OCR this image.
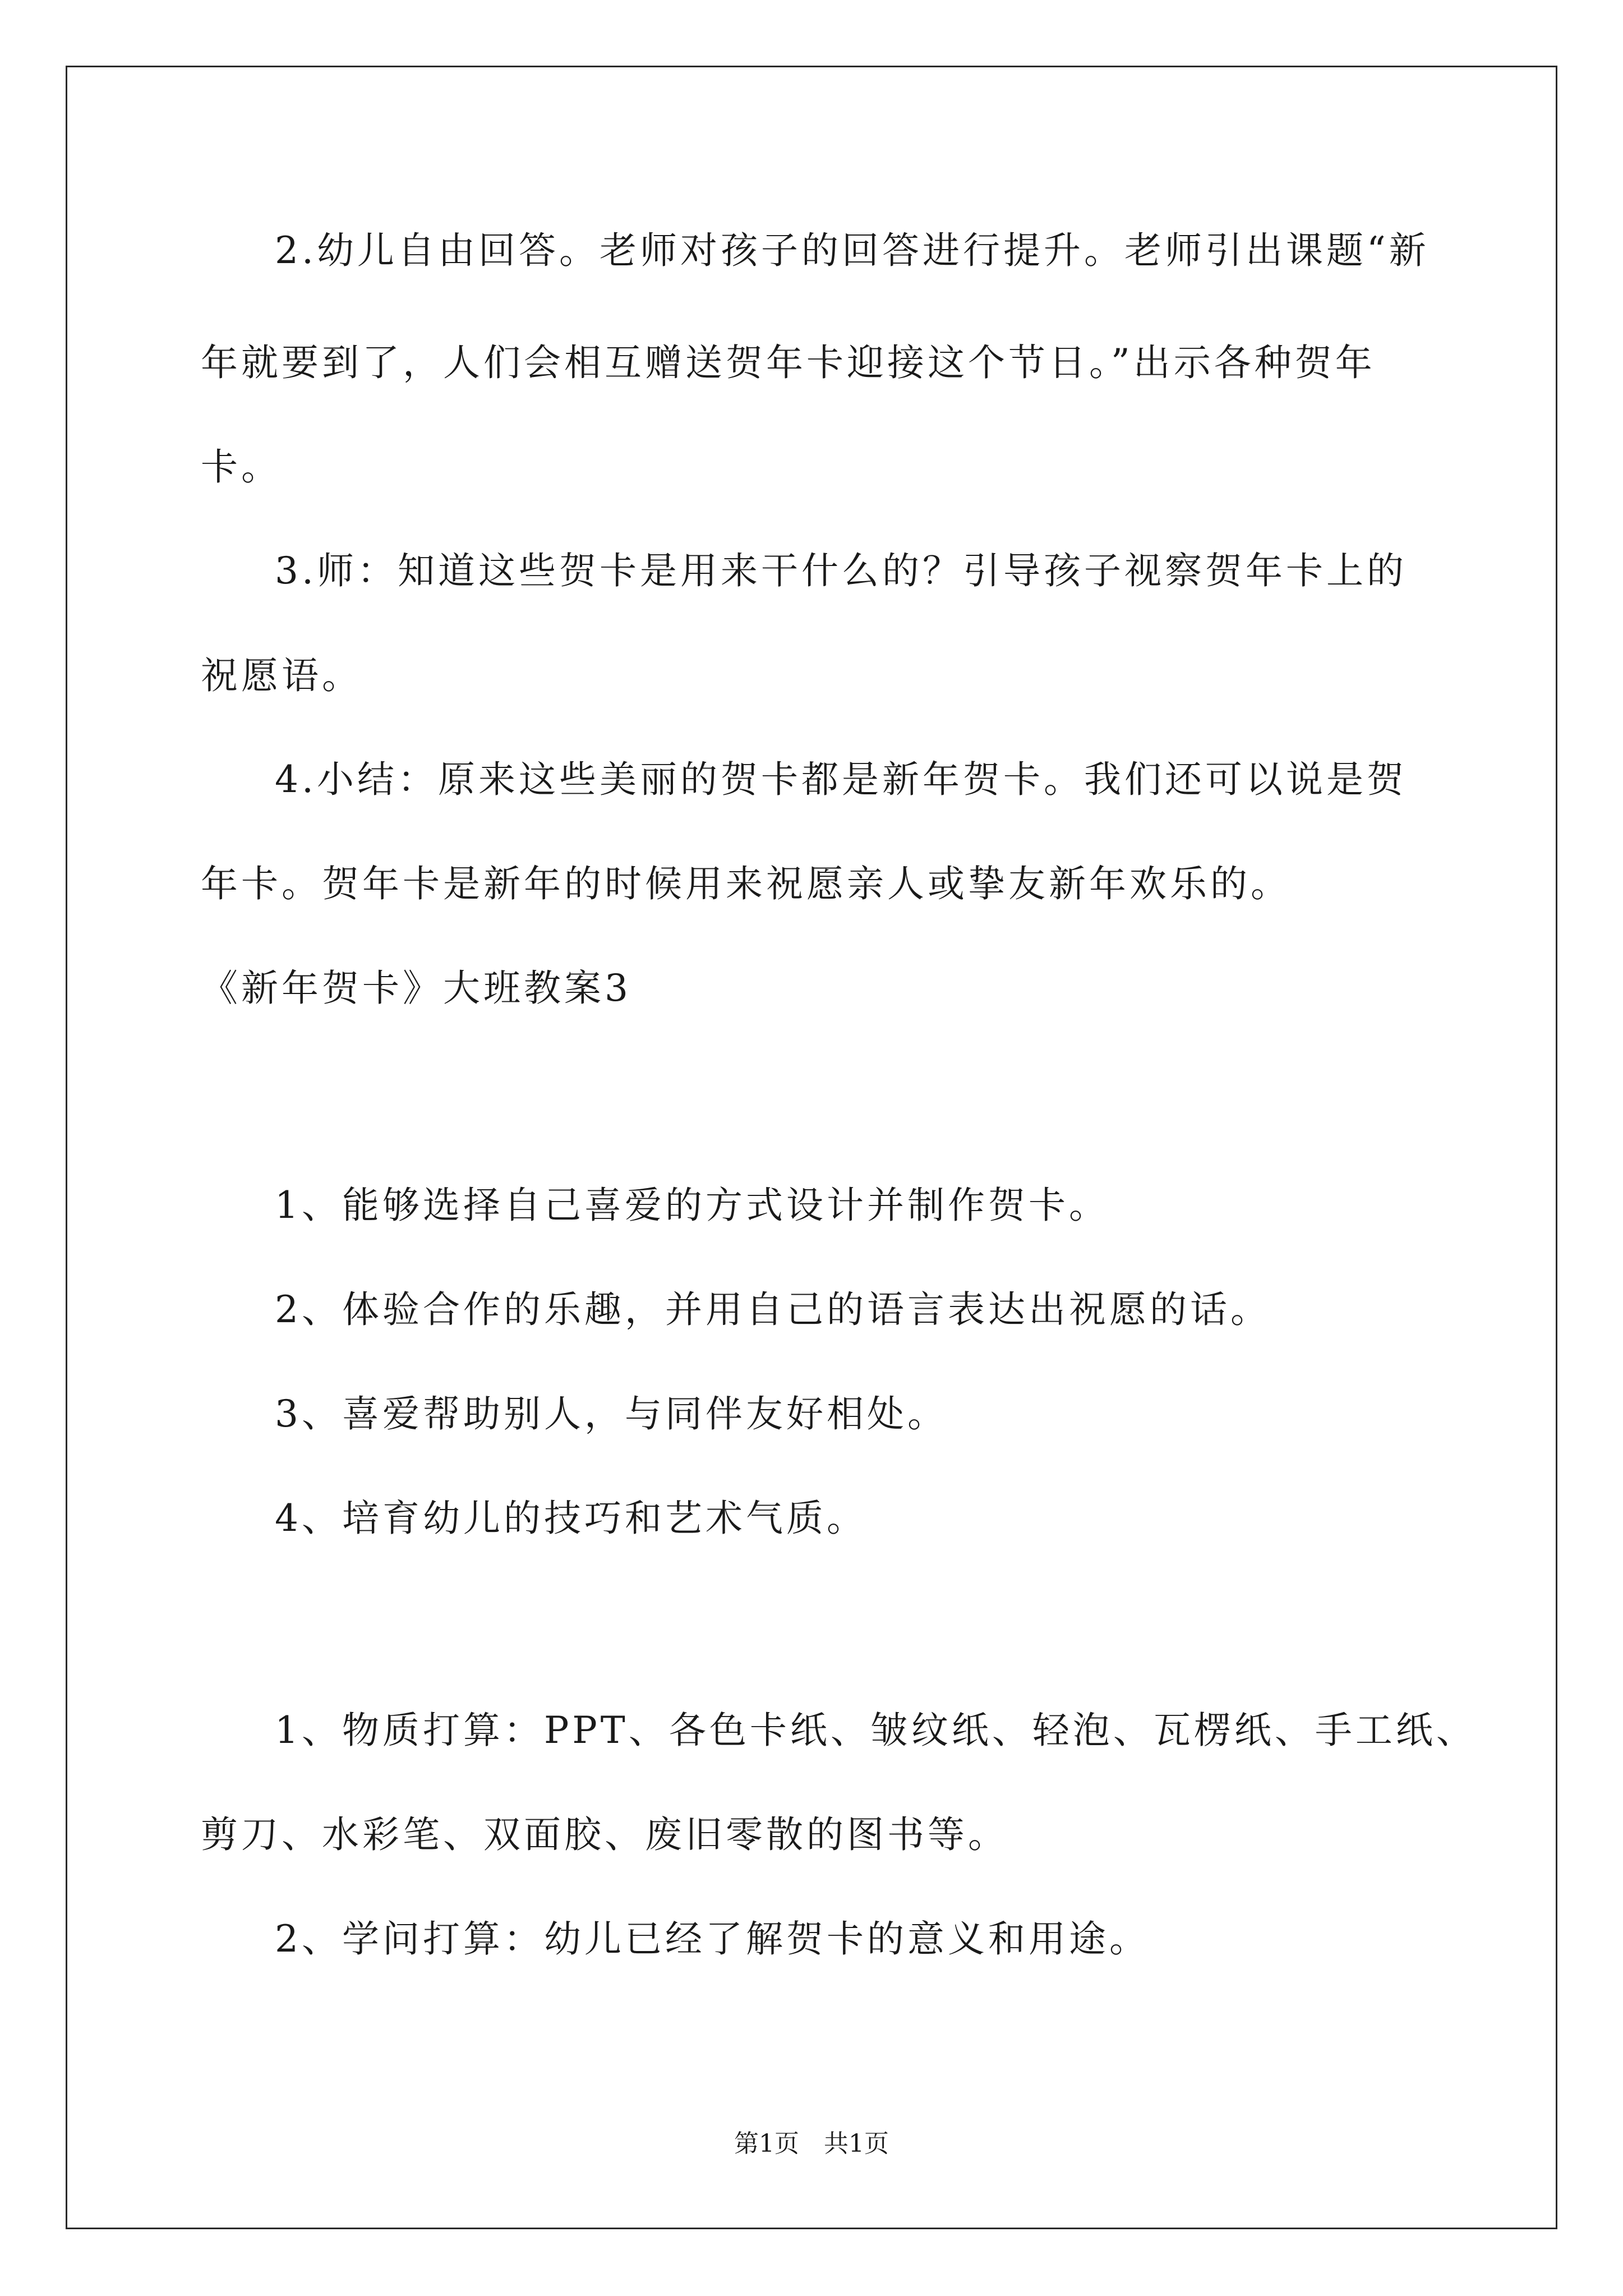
2.幼儿自由回答。老师对孩子的回答进行提升。老师引出课题“新
年就要到了，人们会相互赠送贺年卡迎接这个节日。”出示各种贺年
卡。
3.师：知道这些贺卡是用来干什么的？引导孩子视察贺年卡上的
祝愿语。
4.小结：原来这些美丽的贺卡都是新年贺卡。我们还可以说是贺
年卡。贺年卡是新年的时候用来祝愿亲人或挚友新年欢乐的。
《新年贺卡》大班教案3
1、能够选择自己喜爱的方式设计并制作贺卡。
2、体验合作的乐趣，并用自己的语言表达出祝愿的话。
3、喜爱帮助别人，与同伴友好相处。
4、培育幼儿的技巧和艺术气质。
1、物质打算：PPT、各色卡纸、皱纹纸、轻泡、瓦楞纸、手工纸、
剪刀、水彩笔、双面胶、废旧零散的图书等。
2、学问打算：幼儿已经了解贺卡的意义和用途。
第1页　共1页
